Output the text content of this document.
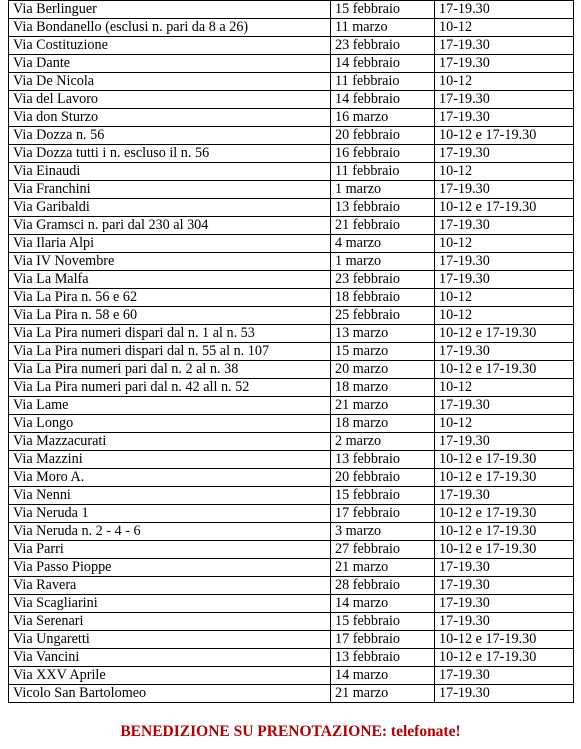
Via Berlinguer	15 febbraio	17-19.30
Via Bondanello (esclusi n. pari da 8 a 26)	11 marzo	10-12
Via Costituzione	23 febbraio	17-19.30
Via Dante	14 febbraio	17-19.30
Via De Nicola	11 febbraio	10-12
Via del Lavoro	14 febbraio	17-19.30
Via don Sturzo	16 marzo	17-19.30
Via Dozza n. 56	20 febbraio	10-12 e 17-19.30
Via Dozza tutti i n. escluso il n. 56	16 febbraio	17-19.30
Via Einaudi	11 febbraio	10-12
Via Franchini	1 marzo	17-19.30
Via Garibaldi	13 febbraio	10-12 e 17-19.30
Via Gramsci n. pari dal 230 al 304	21 febbraio	17-19.30
Via Ilaria Alpi	4 marzo	10-12
Via IV Novembre	1 marzo	17-19.30
Via La Malfa	23 febbraio	17-19.30
Via La Pira n. 56 e 62	18 febbraio	10-12
Via La Pira n. 58 e 60	25 febbraio	10-12
Via La Pira numeri dispari dal n. 1 al n. 53	13 marzo	10-12 e 17-19.30
Via La Pira numeri dispari dal n. 55 al n. 107	15 marzo	17-19.30
Via La Pira numeri pari dal n. 2 al n. 38	20 marzo	10-12 e 17-19.30
Via La Pira numeri pari dal n. 42 all n. 52	18 marzo	10-12
Via Lame	21 marzo	17-19.30
Via Longo	18 marzo	10-12
Via Mazzacurati	2 marzo	17-19.30
Via Mazzini	13 febbraio	10-12 e 17-19.30
Via Moro A.	20 febbraio	10-12 e 17-19.30
Via Nenni	15 febbraio	17-19.30
Via Neruda 1	17 febbraio	10-12 e 17-19.30
Via Neruda n. 2 - 4 - 6	3 marzo	10-12 e 17-19.30
Via Parri	27 febbraio	10-12 e 17-19.30
Via Passo Pioppe	21 marzo	17-19.30
Via Ravera	28 febbraio	17-19.30
Via Scagliarini	14 marzo	17-19.30
Via Serenari	15 febbraio	17-19.30
Via Ungaretti	17 febbraio	10-12 e 17-19.30
Via Vancini	13 febbraio	10-12 e 17-19.30
Via XXV Aprile	14 marzo	17-19.30
Vicolo San Bartolomeo	21 marzo	17-19.30
BENEDIZIONE SU PRENOTAZIONE: telefonate!
